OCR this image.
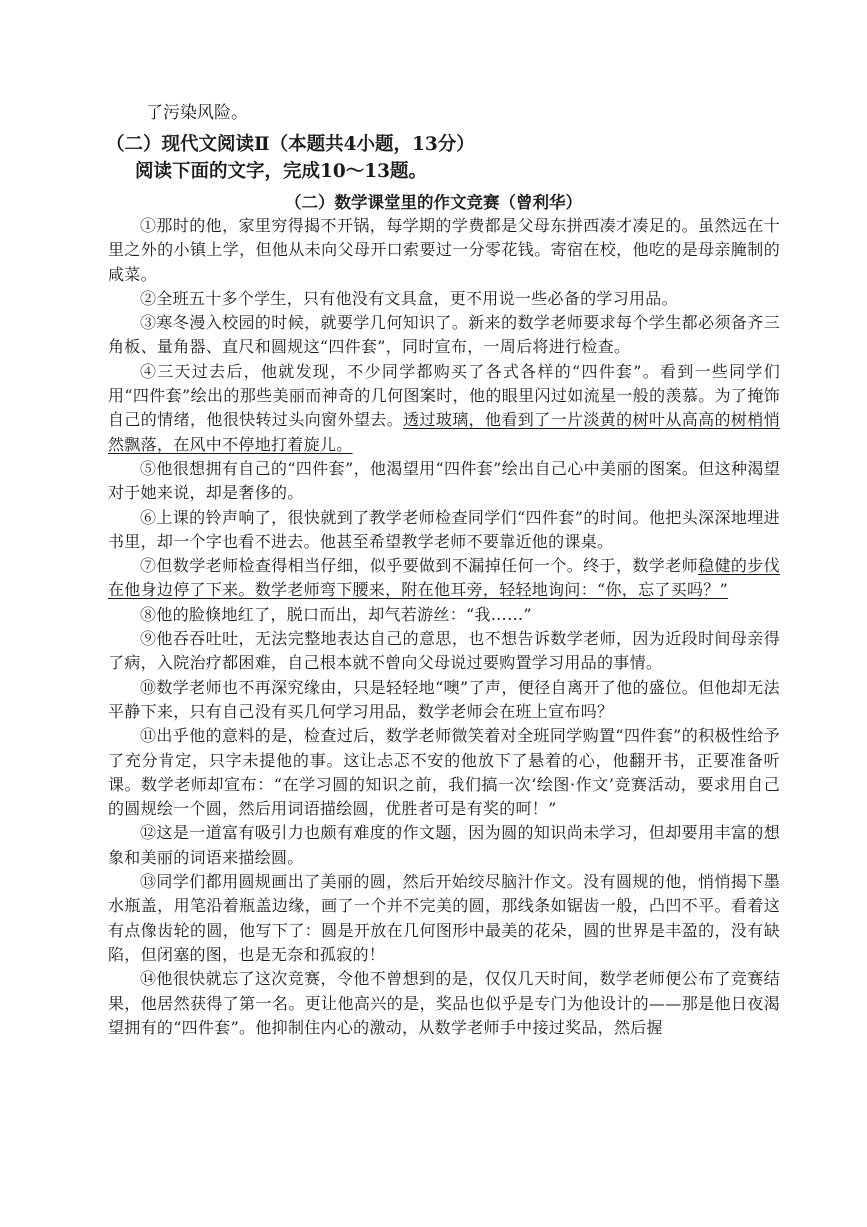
了污染风险。
（二）现代文阅读Ⅱ（本题共4小题，13分）
阅读下面的文字，完成10～13题。
（二）数学课堂里的作文竞赛（曾利华）

①那时的他，家里穷得揭不开锅，每学期的学费都是父母东拼西凑才凑足的。虽然远在十里之外的小镇上学，但他从未向父母开口索要过一分零花钱。寄宿在校，他吃的是母亲腌制的咸菜。

②全班五十多个学生，只有他没有文具盒，更不用说一些必备的学习用品。

③寒冬漫入校园的时候，就要学几何知识了。新来的数学老师要求每个学生都必须备齐三角板、量角器、直尺和圆规这“四件套”，同时宣布，一周后将进行检查。

④三天过去后，他就发现，不少同学都购买了各式各样的“四件套”。看到一些同学们用“四件套”绘出的那些美丽而神奇的几何图案时，他的眼里闪过如流星一般的羡慕。为了掩饰自己的情绪，他很快转过头向窗外望去。透过玻璃，他看到了一片淡黄的树叶从高高的树梢悄然飘落，在风中不停地打着旋儿。

⑤他很想拥有自己的“四件套”，他渴望用“四件套”绘出自己心中美丽的图案。但这种渴望对于她来说，却是奢侈的。

⑥上课的铃声响了，很快就到了教学老师检查同学们“四件套”的时间。他把头深深地埋进书里，却一个字也看不进去。他甚至希望教学老师不要靠近他的课桌。

⑦但数学老师检查得相当仔细，似乎要做到不漏掉任何一个。终于，数学老师稳健的步伐在他身边停了下来。数学老师弯下腰来，附在他耳旁，轻轻地询问：“你，忘了买吗？”

⑧他的脸倏地红了，脱口而出，却气若游丝：“我……”

⑨他吞吞吐吐，无法完整地表达自己的意思，也不想告诉数学老师，因为近段时间母亲得了病，入院治疗都困难，自己根本就不曾向父母说过要购置学习用品的事情。

⑩数学老师也不再深究缘由，只是轻轻地“噢”了声，便径自离开了他的盛位。但他却无法平静下来，只有自己没有买几何学习用品，数学老师会在班上宣布吗？

⑪出乎他的意料的是，检查过后，数学老师微笑着对全班同学购置“四件套”的积极性给予了充分肯定，只字未提他的事。这让忐忑不安的他放下了悬着的心，他翻开书，正要准备听课。数学老师却宣布：“在学习圆的知识之前，我们搞一次‘绘图·作文’竞赛活动，要求用自己的圆规绘一个圆，然后用词语描绘圆，优胜者可是有奖的呵！”

⑫这是一道富有吸引力也颇有难度的作文题，因为圆的知识尚未学习，但却要用丰富的想象和美丽的词语来描绘圆。

⑬同学们都用圆规画出了美丽的圆，然后开始绞尽脑汁作文。没有圆规的他，悄悄揭下墨水瓶盖，用笔沿着瓶盖边缘，画了一个并不完美的圆，那线条如锯齿一般，凸凹不平。看着这有点像齿轮的圆，他写下了：圆是开放在几何图形中最美的花朵，圆的世界是丰盈的，没有缺陷，但闭塞的图，也是无奈和孤寂的！

⑭他很快就忘了这次竞赛，令他不曾想到的是，仅仅几天时间，数学老师便公布了竞赛结果，他居然获得了第一名。更让他高兴的是，奖品也似乎是专门为他设计的——那是他日夜渴望拥有的“四件套”。他抑制住内心的激动，从数学老师手中接过奖品，然后握
